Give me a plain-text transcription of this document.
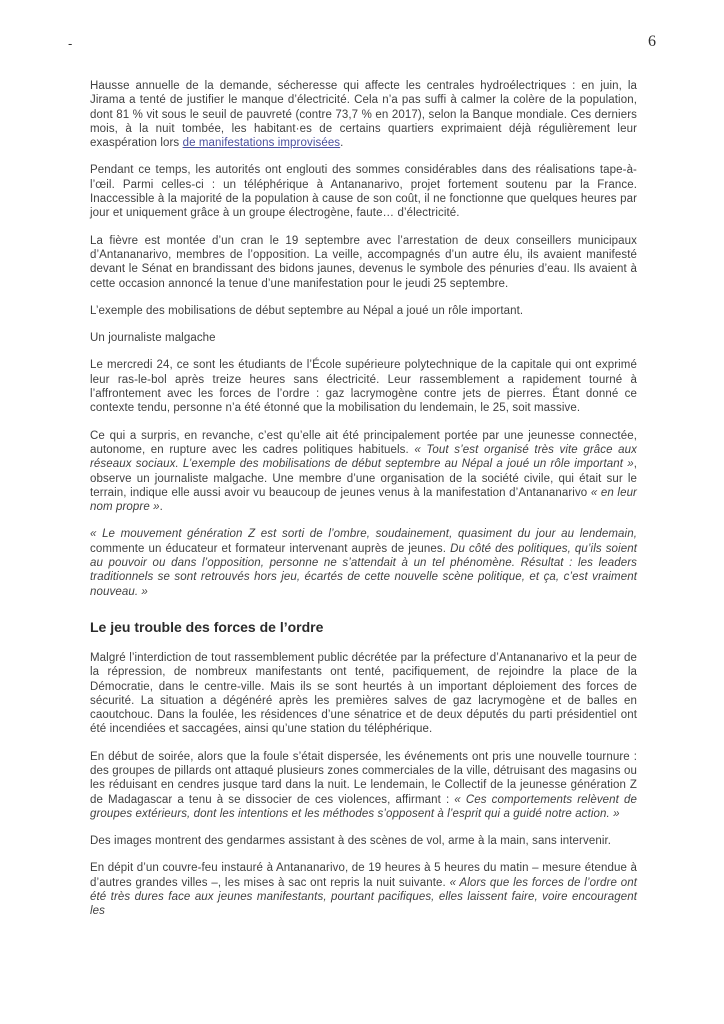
-	6

Hausse annuelle de la demande, sécheresse qui affecte les centrales hydroélectriques : en juin, la Jirama a tenté de justifier le manque d’électricité. Cela n’a pas suffi à calmer la colère de la population, dont 81 % vit sous le seuil de pauvreté (contre 73,7 % en 2017), selon la Banque mondiale. Ces derniers mois, à la nuit tombée, les habitant·es de certains quartiers exprimaient déjà régulièrement leur exaspération lors de manifestations improvisées.

Pendant ce temps, les autorités ont englouti des sommes considérables dans des réalisations tape-à-l’œil. Parmi celles-ci : un téléphérique à Antananarivo, projet fortement soutenu par la France. Inaccessible à la majorité de la population à cause de son coût, il ne fonctionne que quelques heures par jour et uniquement grâce à un groupe électrogène, faute… d’électricité.

La fièvre est montée d’un cran le 19 septembre avec l’arrestation de deux conseillers municipaux d’Antananarivo, membres de l’opposition. La veille, accompagnés d’un autre élu, ils avaient manifesté devant le Sénat en brandissant des bidons jaunes, devenus le symbole des pénuries d’eau. Ils avaient à cette occasion annoncé la tenue d’une manifestation pour le jeudi 25 septembre.

L’exemple des mobilisations de début septembre au Népal a joué un rôle important.

Un journaliste malgache

Le mercredi 24, ce sont les étudiants de l’École supérieure polytechnique de la capitale qui ont exprimé leur ras-le-bol après treize heures sans électricité. Leur rassemblement a rapidement tourné à l’affrontement avec les forces de l’ordre : gaz lacrymogène contre jets de pierres. Étant donné ce contexte tendu, personne n’a été étonné que la mobilisation du lendemain, le 25, soit massive.

Ce qui a surpris, en revanche, c’est qu’elle ait été principalement portée par une jeunesse connectée, autonome, en rupture avec les cadres politiques habituels. « Tout s’est organisé très vite grâce aux réseaux sociaux. L’exemple des mobilisations de début septembre au Népal a joué un rôle important », observe un journaliste malgache. Une membre d’une organisation de la société civile, qui était sur le terrain, indique elle aussi avoir vu beaucoup de jeunes venus à la manifestation d’Antananarivo « en leur nom propre ».

« Le mouvement génération Z est sorti de l’ombre, soudainement, quasiment du jour au lendemain, commente un éducateur et formateur intervenant auprès de jeunes. Du côté des politiques, qu’ils soient au pouvoir ou dans l’opposition, personne ne s’attendait à un tel phénomène. Résultat : les leaders traditionnels se sont retrouvés hors jeu, écartés de cette nouvelle scène politique, et ça, c’est vraiment nouveau. »

Le jeu trouble des forces de l’ordre

Malgré l’interdiction de tout rassemblement public décrétée par la préfecture d’Antananarivo et la peur de la répression, de nombreux manifestants ont tenté, pacifiquement, de rejoindre la place de la Démocratie, dans le centre-ville. Mais ils se sont heurtés à un important déploiement des forces de sécurité. La situation a dégénéré après les premières salves de gaz lacrymogène et de balles en caoutchouc. Dans la foulée, les résidences d’une sénatrice et de deux députés du parti présidentiel ont été incendiées et saccagées, ainsi qu’une station du téléphérique.

En début de soirée, alors que la foule s’était dispersée, les événements ont pris une nouvelle tournure : des groupes de pillards ont attaqué plusieurs zones commerciales de la ville, détruisant des magasins ou les réduisant en cendres jusque tard dans la nuit. Le lendemain, le Collectif de la jeunesse génération Z de Madagascar a tenu à se dissocier de ces violences, affirmant : « Ces comportements relèvent de groupes extérieurs, dont les intentions et les méthodes s’opposent à l’esprit qui a guidé notre action. »

Des images montrent des gendarmes assistant à des scènes de vol, arme à la main, sans intervenir.

En dépit d’un couvre-feu instauré à Antananarivo, de 19 heures à 5 heures du matin – mesure étendue à d’autres grandes villes –, les mises à sac ont repris la nuit suivante. « Alors que les forces de l’ordre ont été très dures face aux jeunes manifestants, pourtant pacifiques, elles laissent faire, voire encouragent les
